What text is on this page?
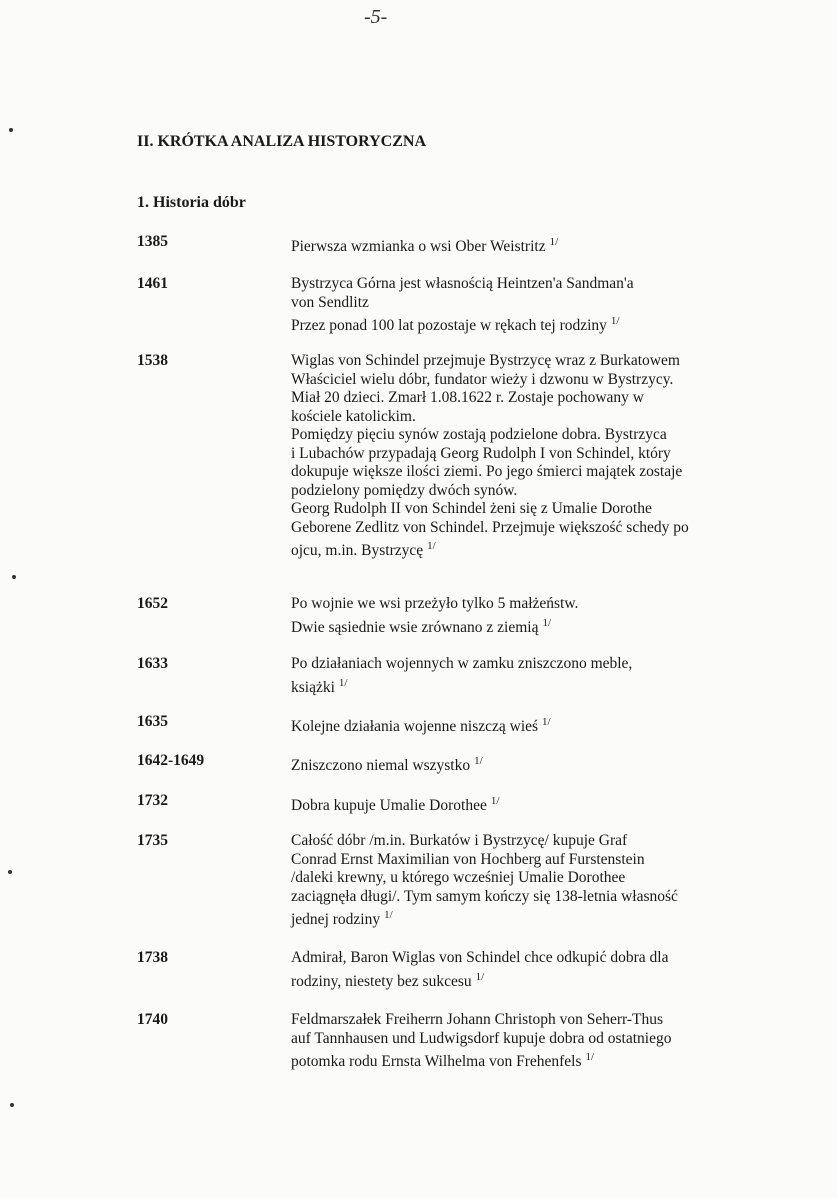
-5-
II. KRÓTKA ANALIZA HISTORYCZNA
1. Historia dóbr
1385	Pierwsza wzmianka o wsi Ober Weistritz $^{1/}$
1461	Bystrzyca Górna jest własnością Heintzen'a Sandman'a
von Sendlitz
Przez ponad 100 lat pozostaje w rękach tej rodziny $^{1/}$
1538	Wiglas von Schindel przejmuje Bystrzycę wraz z Burkatowem
Właściciel wielu dóbr, fundator wieży i dzwonu w Bystrzycy.
Miał 20 dzieci. Zmarł 1.08.1622 r. Zostaje pochowany w
kościele katolickim.
Pomiędzy pięciu synów zostają podzielone dobra. Bystrzyca
i Lubachów przypadają Georg Rudolph I von Schindel, który
dokupuje większe ilości ziemi. Po jego śmierci majątek zostaje
podzielony pomiędzy dwóch synów.
Georg Rudolph II von Schindel żeni się z Umalie Dorothe
Geborene Zedlitz von Schindel. Przejmuje większość schedy po
ojcu, m.in. Bystrzycę $^{1/}$
1652	Po wojnie we wsi przeżyło tylko 5 małżeństw.
Dwie sąsiednie wsie zrównano z ziemią $^{1/}$
1633	Po działaniach wojennych w zamku zniszczono meble,
książki $^{1/}$
1635	Kolejne działania wojenne niszczą wieś $^{1/}$
1642-1649	Zniszczono niemal wszystko $^{1/}$
1732	Dobra kupuje Umalie Dorothee $^{1/}$
1735	Całość dóbr /m.in. Burkatów i Bystrzycę/ kupuje Graf
Conrad Ernst Maximilian von Hochberg auf Furstenstein
/daleki krewny, u którego wcześniej Umalie Dorothee
zaciągnęła długi/. Tym samym kończy się 138-letnia własność
jednej rodziny $^{1/}$
1738	Admirał, Baron Wiglas von Schindel chce odkupić dobra dla
rodziny, niestety bez sukcesu $^{1/}$
1740	Feldmarszałek Freiherrn Johann Christoph von Seherr-Thus
auf Tannhausen und Ludwigsdorf kupuje dobra od ostatniego
potomka rodu Ernsta Wilhelma von Frehenfels $^{1/}$
